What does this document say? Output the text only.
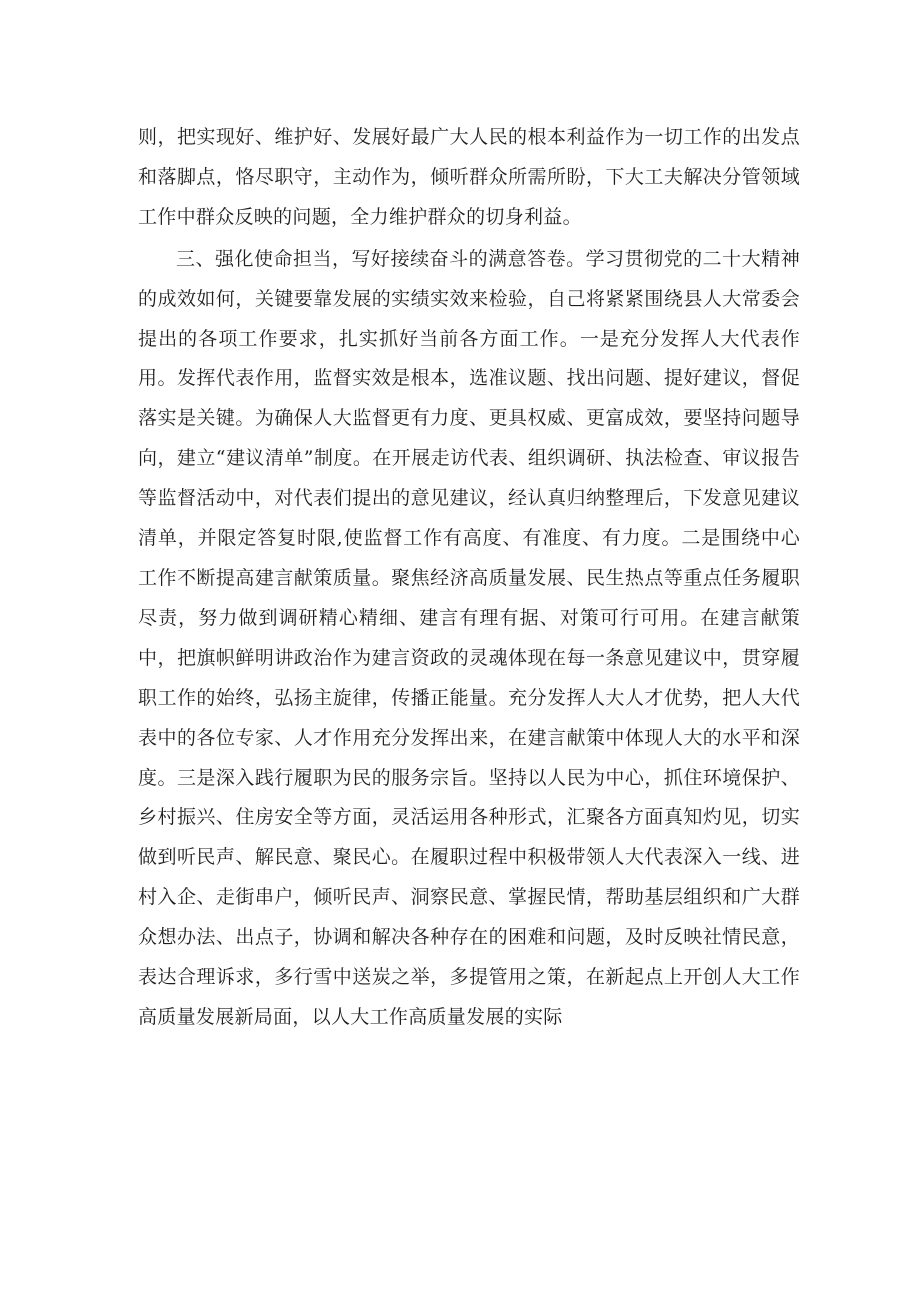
则，把实现好、维护好、发展好最广大人民的根本利益作为一切工作的出发点和落脚点，恪尽职守，主动作为，倾听群众所需所盼，下大工夫解决分管领域工作中群众反映的问题，全力维护群众的切身利益。

三、强化使命担当，写好接续奋斗的满意答卷。学习贯彻党的二十大精神的成效如何，关键要靠发展的实绩实效来检验，自己将紧紧围绕县人大常委会提出的各项工作要求，扎实抓好当前各方面工作。一是充分发挥人大代表作用。发挥代表作用，监督实效是根本，选准议题、找出问题、提好建议，督促落实是关键。为确保人大监督更有力度、更具权威、更富成效，要坚持问题导向，建立“建议清单”制度。在开展走访代表、组织调研、执法检查、审议报告等监督活动中，对代表们提出的意见建议，经认真归纳整理后，下发意见建议清单，并限定答复时限,使监督工作有高度、有准度、有力度。二是围绕中心工作不断提高建言献策质量。聚焦经济高质量发展、民生热点等重点任务履职尽责，努力做到调研精心精细、建言有理有据、对策可行可用。在建言献策中，把旗帜鲜明讲政治作为建言资政的灵魂体现在每一条意见建议中，贯穿履职工作的始终，弘扬主旋律，传播正能量。充分发挥人大人才优势，把人大代表中的各位专家、人才作用充分发挥出来，在建言献策中体现人大的水平和深度。三是深入践行履职为民的服务宗旨。坚持以人民为中心，抓住环境保护、乡村振兴、住房安全等方面，灵活运用各种形式，汇聚各方面真知灼见，切实做到听民声、解民意、聚民心。在履职过程中积极带领人大代表深入一线、进村入企、走街串户，倾听民声、洞察民意、掌握民情，帮助基层组织和广大群众想办法、出点子，协调和解决各种存在的困难和问题，及时反映社情民意，表达合理诉求，多行雪中送炭之举，多提管用之策，在新起点上开创人大工作高质量发展新局面，以人大工作高质量发展的实际
